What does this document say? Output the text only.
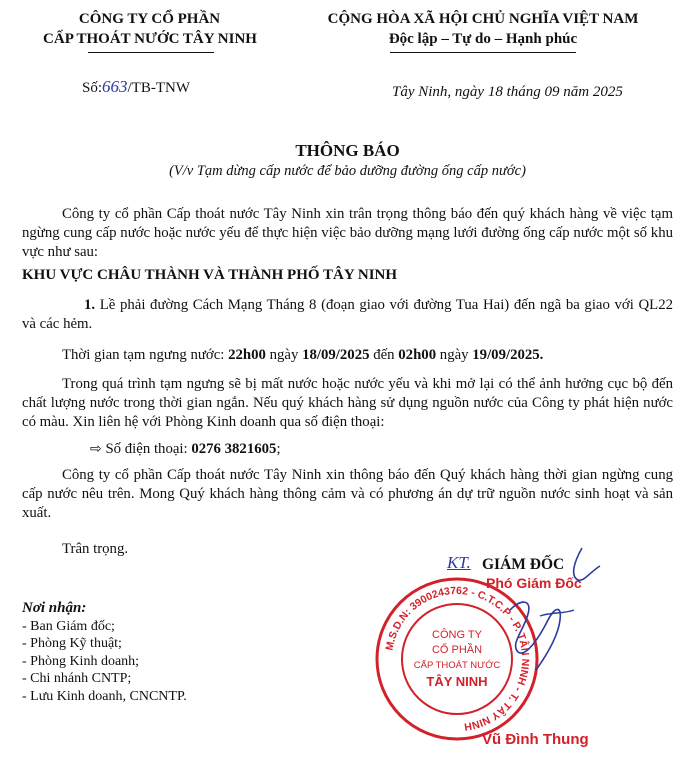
CÔNG TY CỔ PHẦN
CẤP THOÁT NƯỚC TÂY NINH
CỘNG HÒA XÃ HỘI CHỦ NGHĨA VIỆT NAM
Độc lập – Tự do – Hạnh phúc
Số:663/TB-TNW	Tây Ninh, ngày 18 tháng 09 năm 2025
THÔNG BÁO
(V/v Tạm dừng cấp nước để bảo dưỡng đường ống cấp nước)
Công ty cổ phần Cấp thoát nước Tây Ninh xin trân trọng thông báo đến quý khách hàng về việc tạm ngừng cung cấp nước hoặc nước yếu để thực hiện việc bảo dưỡng mạng lưới đường ống cấp nước một số khu vực như sau:
KHU VỰC CHÂU THÀNH VÀ THÀNH PHỐ TÂY NINH
1. Lề phải đường Cách Mạng Tháng 8 (đoạn giao với đường Tua Hai) đến ngã ba giao với QL22 và các hẻm.
Thời gian tạm ngưng nước: 22h00 ngày 18/09/2025 đến 02h00 ngày 19/09/2025.
Trong quá trình tạm ngưng sẽ bị mất nước hoặc nước yếu và khi mở lại có thể ảnh hưởng cục bộ đến chất lượng nước trong thời gian ngắn. Nếu quý khách hàng sử dụng nguồn nước của Công ty phát hiện nước có màu. Xin liên hệ với Phòng Kinh doanh qua số điện thoại:
⇨ Số điện thoại: 0276 3821605;
Công ty cổ phần Cấp thoát nước Tây Ninh xin thông báo đến Quý khách hàng thời gian ngừng cung cấp nước nêu trên. Mong Quý khách hàng thông cảm và có phương án dự trữ nguồn nước sinh hoạt và sản xuất.
Trân trọng.
Nơi nhận:
- Ban Giám đốc;
- Phòng Kỹ thuật;
- Phòng Kinh doanh;
- Chi nhánh CNTP;
- Lưu Kinh doanh, CNCNTP.
KT. GIÁM ĐỐC
Phó Giám Đốc
M.S.D.N: 3900243762 - C.T.C.P - P. TÂN NINH - T. TÂY NINH
CÔNG TY
CỔ PHẦN
CẤP THOÁT NƯỚC
TÂY NINH
Vũ Đình Thung
